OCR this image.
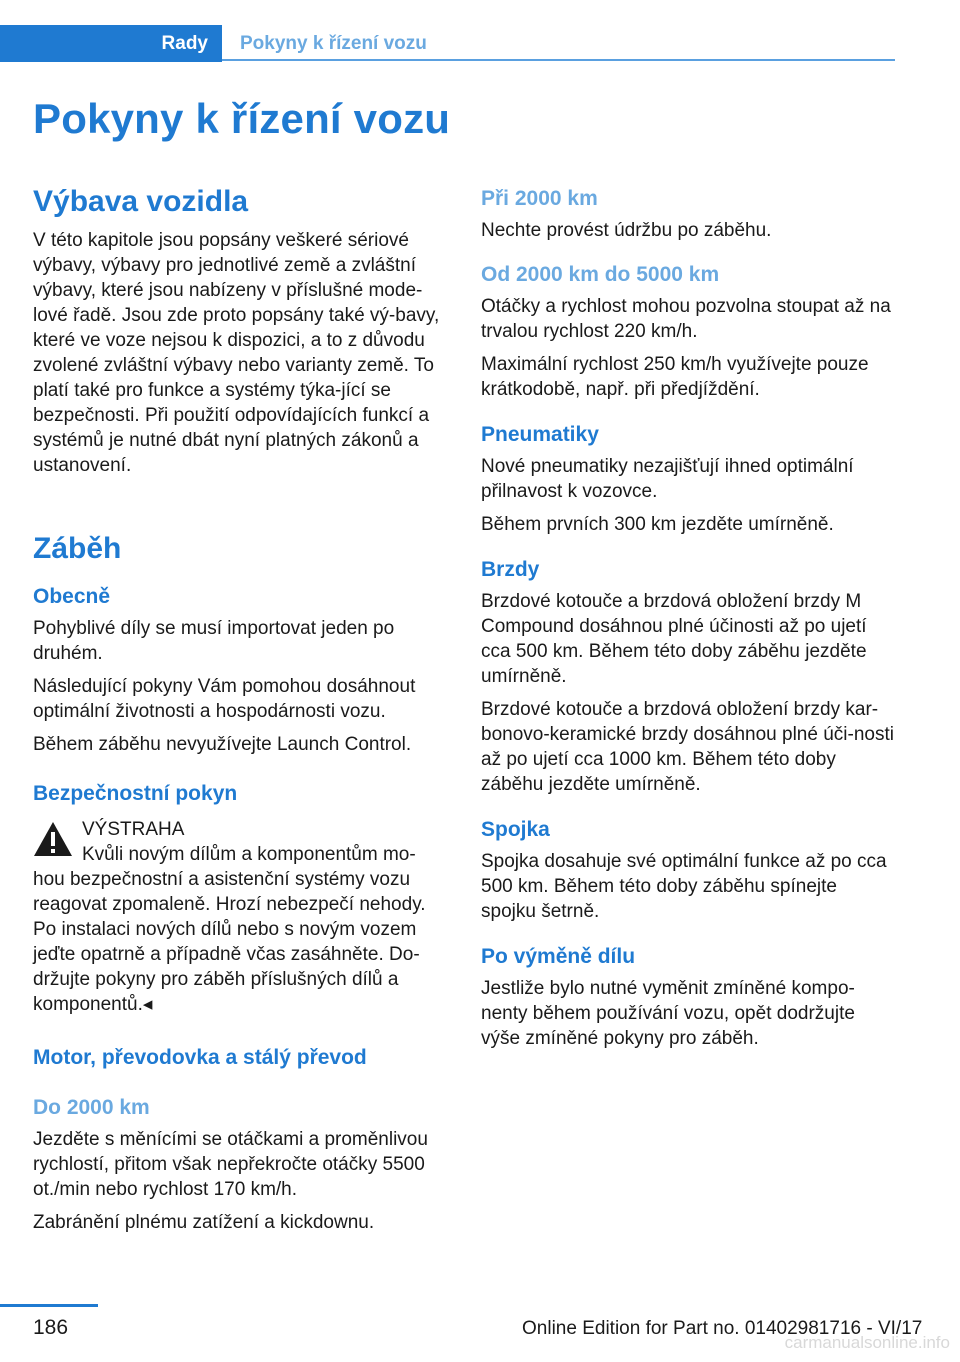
Rady	Pokyny k řízení vozu
Pokyny k řízení vozu
Výbava vozidla

V této kapitole jsou popsány veškeré sériové výbavy, výbavy pro jednotlivé země a zvláštní výbavy, které jsou nabízeny v příslušné mode‐lové řadě. Jsou zde proto popsány také vý‐bavy, které ve voze nejsou k dispozici, a to z důvodu zvolené zvláštní výbavy nebo varianty země. To platí také pro funkce a systémy týka‐jící se bezpečnosti. Při použití odpovídajících funkcí a systémů je nutné dbát nyní platných zákonů a ustanovení.

Záběh
Obecně

Pohyblivé díly se musí importovat jeden po druhém.

Následující pokyny Vám pomohou dosáhnout optimální životnosti a hospodárnosti vozu.

Během záběhu nevyužívejte Launch Control.

Bezpečnostní pokyn
VÝSTRAHA
Kvůli novým dílům a komponentům mo‐

hou bezpečnostní a asistenční systémy vozu reagovat zpomaleně. Hrozí nebezpečí nehody. Po instalaci nových dílů nebo s novým vozem jeďte opatrně a případně včas zasáhněte. Do‐držujte pokyny pro záběh příslušných dílů a komponentů.◂

Motor, převodovka a stálý převod
Do 2000 km

Jezděte s měnícími se otáčkami a proměnlivou rychlostí, přitom však nepřekročte otáčky 5500 ot./min nebo rychlost 170 km/h.

Zabránění plnému zatížení a kickdownu.

Při 2000 km

Nechte provést údržbu po záběhu.

Od 2000 km do 5000 km

Otáčky a rychlost mohou pozvolna stoupat až na trvalou rychlost 220 km/h.

Maximální rychlost 250 km/h využívejte pouze krátkodobě, např. při předjíždění.

Pneumatiky

Nové pneumatiky nezajišťují ihned optimální přilnavost k vozovce.

Během prvních 300 km jezděte umírněně.

Brzdy

Brzdové kotouče a brzdová obložení brzdy M Compound dosáhnou plné účinosti až po ujetí cca 500 km. Během této doby záběhu jezděte umírněně.

Brzdové kotouče a brzdová obložení brzdy kar‐bonovo-keramické brzdy dosáhnou plné úči‐nosti až po ujetí cca 1000 km. Během této doby záběhu jezděte umírněně.

Spojka

Spojka dosahuje své optimální funkce až po cca 500 km. Během této doby záběhu spínejte spojku šetrně.

Po výměně dílu

Jestliže bylo nutné vyměnit zmíněné kompo‐nenty během používání vozu, opět dodržujte výše zmíněné pokyny pro záběh.

186	Online Edition for Part no. 01402981716 - VI/17
carmanualsonline.info
